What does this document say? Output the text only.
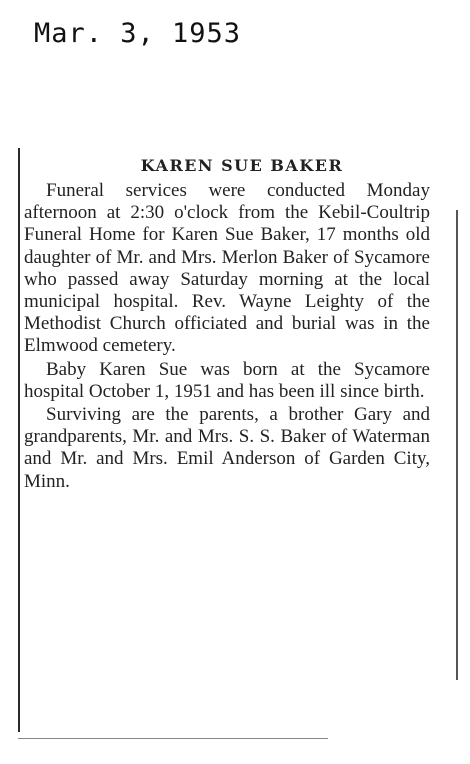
Mar. 3, 1953
KAREN SUE BAKER

Funeral services were conducted Monday afternoon at 2:30 o'clock from the Kebil-Coultrip Funeral Home for Karen Sue Baker, 17 months old daughter of Mr. and Mrs. Merlon Baker of Sycamore who passed away Saturday morning at the local municipal hospital. Rev. Wayne Leighty of the Methodist Church officiated and burial was in the Elmwood cemetery.

Baby Karen Sue was born at the Sycamore hospital October 1, 1951 and has been ill since birth.

Surviving are the parents, a brother Gary and grandparents, Mr. and Mrs. S. S. Baker of Waterman and Mr. and Mrs. Emil Anderson of Garden City, Minn.
